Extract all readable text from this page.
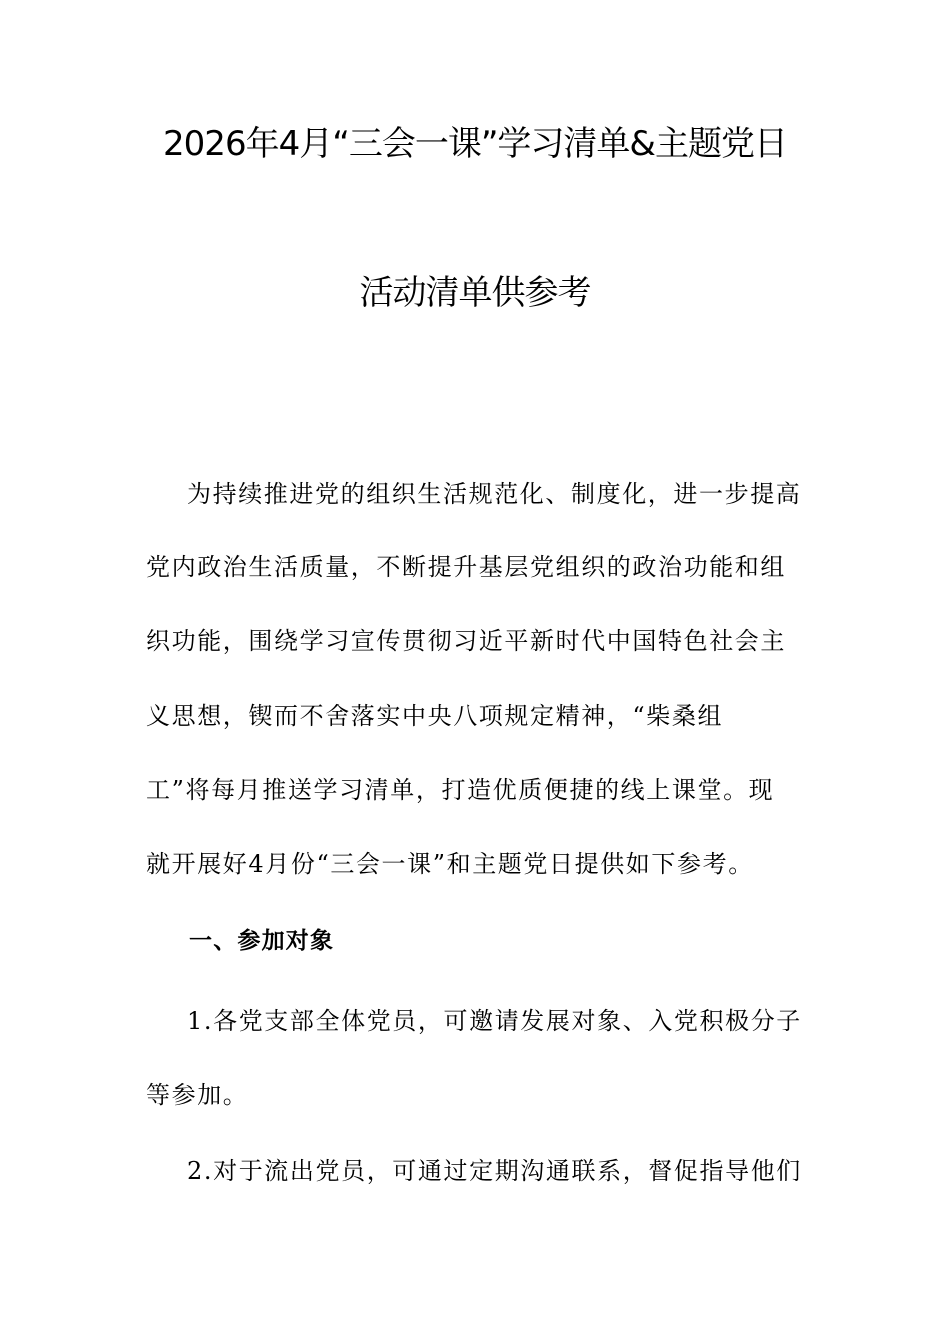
2026年4月“三会一课”学习清单&主题党日
活动清单供参考
为持续推进党的组织生活规范化、制度化，进一步提高
党内政治生活质量，不断提升基层党组织的政治功能和组
织功能，围绕学习宣传贯彻习近平新时代中国特色社会主
义思想，锲而不舍落实中央八项规定精神，“柴桑组
工”将每月推送学习清单，打造优质便捷的线上课堂。现
就开展好4月份“三会一课”和主题党日提供如下参考。
一、参加对象
1.各党支部全体党员，可邀请发展对象、入党积极分子
等参加。
2.对于流出党员，可通过定期沟通联系，督促指导他们
